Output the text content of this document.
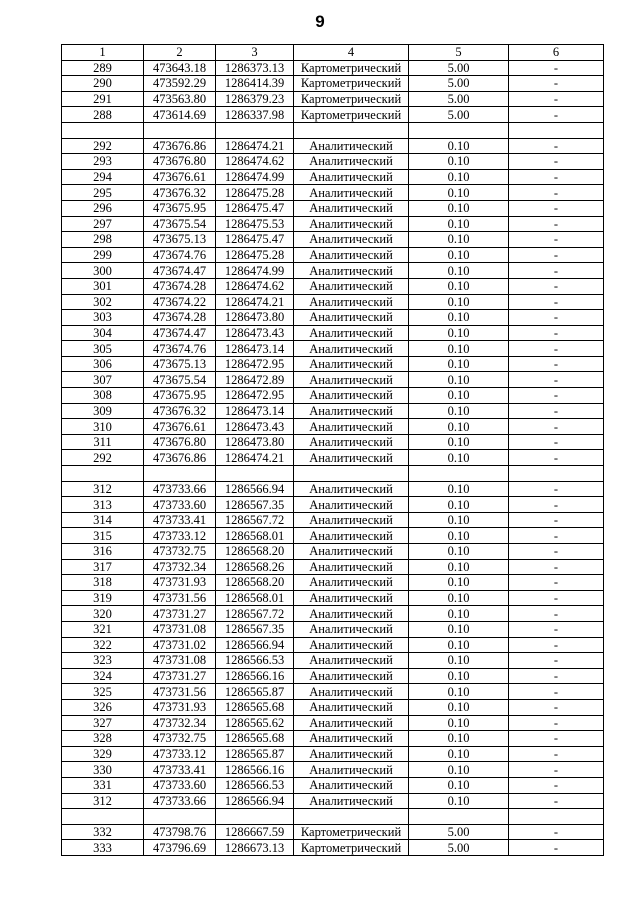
9
1	2	3	4	5	6
289	473643.18	1286373.13	Картометрический	5.00	-
290	473592.29	1286414.39	Картометрический	5.00	-
291	473563.80	1286379.23	Картометрический	5.00	-
288	473614.69	1286337.98	Картометрический	5.00	-

292	473676.86	1286474.21	Аналитический	0.10	-
293	473676.80	1286474.62	Аналитический	0.10	-
294	473676.61	1286474.99	Аналитический	0.10	-
295	473676.32	1286475.28	Аналитический	0.10	-
296	473675.95	1286475.47	Аналитический	0.10	-
297	473675.54	1286475.53	Аналитический	0.10	-
298	473675.13	1286475.47	Аналитический	0.10	-
299	473674.76	1286475.28	Аналитический	0.10	-
300	473674.47	1286474.99	Аналитический	0.10	-
301	473674.28	1286474.62	Аналитический	0.10	-
302	473674.22	1286474.21	Аналитический	0.10	-
303	473674.28	1286473.80	Аналитический	0.10	-
304	473674.47	1286473.43	Аналитический	0.10	-
305	473674.76	1286473.14	Аналитический	0.10	-
306	473675.13	1286472.95	Аналитический	0.10	-
307	473675.54	1286472.89	Аналитический	0.10	-
308	473675.95	1286472.95	Аналитический	0.10	-
309	473676.32	1286473.14	Аналитический	0.10	-
310	473676.61	1286473.43	Аналитический	0.10	-
311	473676.80	1286473.80	Аналитический	0.10	-
292	473676.86	1286474.21	Аналитический	0.10	-

312	473733.66	1286566.94	Аналитический	0.10	-
313	473733.60	1286567.35	Аналитический	0.10	-
314	473733.41	1286567.72	Аналитический	0.10	-
315	473733.12	1286568.01	Аналитический	0.10	-
316	473732.75	1286568.20	Аналитический	0.10	-
317	473732.34	1286568.26	Аналитический	0.10	-
318	473731.93	1286568.20	Аналитический	0.10	-
319	473731.56	1286568.01	Аналитический	0.10	-
320	473731.27	1286567.72	Аналитический	0.10	-
321	473731.08	1286567.35	Аналитический	0.10	-
322	473731.02	1286566.94	Аналитический	0.10	-
323	473731.08	1286566.53	Аналитический	0.10	-
324	473731.27	1286566.16	Аналитический	0.10	-
325	473731.56	1286565.87	Аналитический	0.10	-
326	473731.93	1286565.68	Аналитический	0.10	-
327	473732.34	1286565.62	Аналитический	0.10	-
328	473732.75	1286565.68	Аналитический	0.10	-
329	473733.12	1286565.87	Аналитический	0.10	-
330	473733.41	1286566.16	Аналитический	0.10	-
331	473733.60	1286566.53	Аналитический	0.10	-
312	473733.66	1286566.94	Аналитический	0.10	-

332	473798.76	1286667.59	Картометрический	5.00	-
333	473796.69	1286673.13	Картометрический	5.00	-
